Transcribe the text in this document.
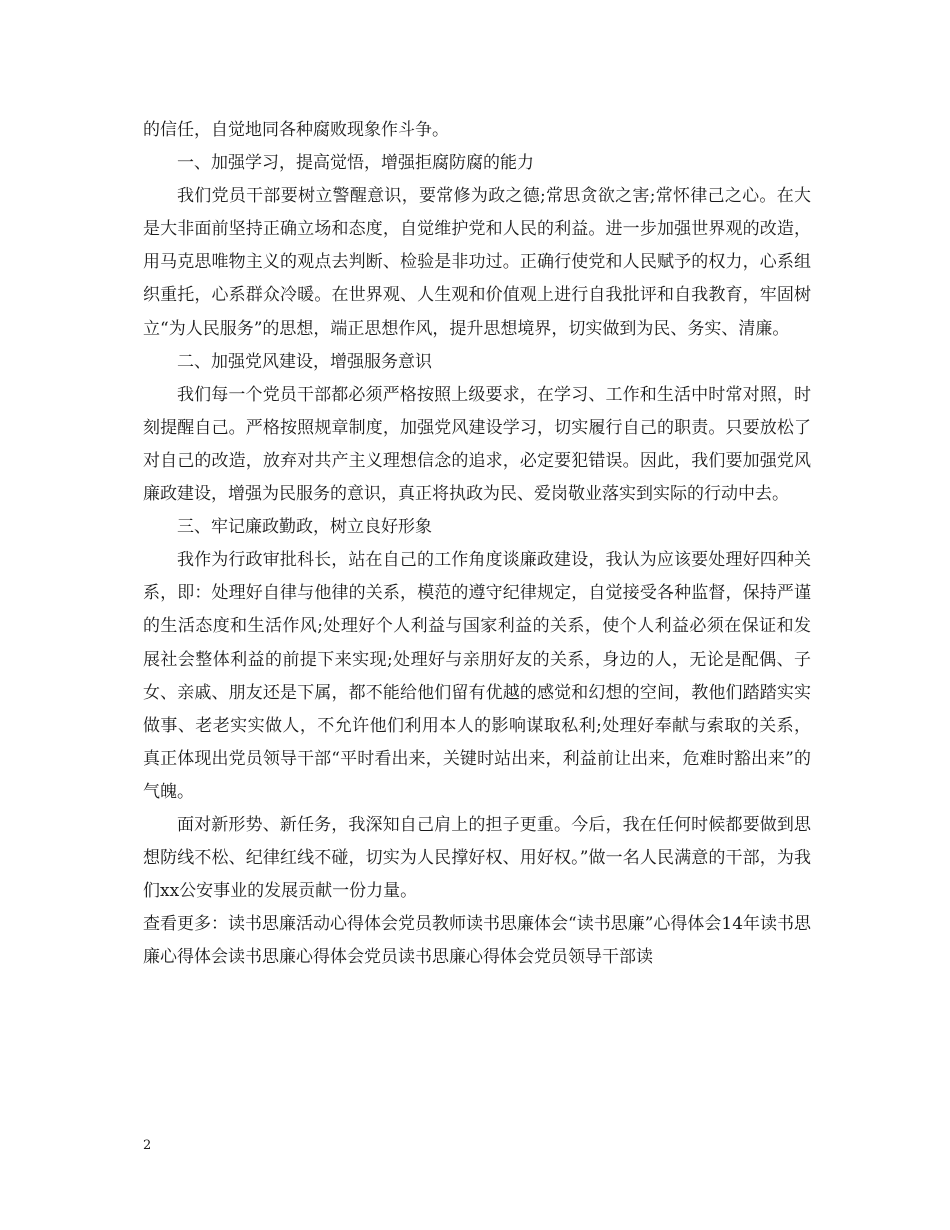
的信任，自觉地同各种腐败现象作斗争。

一、加强学习，提高觉悟，增强拒腐防腐的能力

我们党员干部要树立警醒意识，要常修为政之德;常思贪欲之害;常怀律己之心。在大是大非面前坚持正确立场和态度，自觉维护党和人民的利益。进一步加强世界观的改造，用马克思唯物主义的观点去判断、检验是非功过。正确行使党和人民赋予的权力，心系组织重托，心系群众冷暖。在世界观、人生观和价值观上进行自我批评和自我教育，牢固树立“为人民服务”的思想，端正思想作风，提升思想境界，切实做到为民、务实、清廉。

二、加强党风建设，增强服务意识

我们每一个党员干部都必须严格按照上级要求，在学习、工作和生活中时常对照，时刻提醒自己。严格按照规章制度，加强党风建设学习，切实履行自己的职责。只要放松了对自己的改造，放弃对共产主义理想信念的追求，必定要犯错误。因此，我们要加强党风廉政建设，增强为民服务的意识，真正将执政为民、爱岗敬业落实到实际的行动中去。

三、牢记廉政勤政，树立良好形象

我作为行政审批科长，站在自己的工作角度谈廉政建设，我认为应该要处理好四种关系，即：处理好自律与他律的关系，模范的遵守纪律规定，自觉接受各种监督，保持严谨的生活态度和生活作风;处理好个人利益与国家利益的关系，使个人利益必须在保证和发展社会整体利益的前提下来实现;处理好与亲朋好友的关系，身边的人，无论是配偶、子女、亲戚、朋友还是下属，都不能给他们留有优越的感觉和幻想的空间，教他们踏踏实实做事、老老实实做人，不允许他们利用本人的影响谋取私利;处理好奉献与索取的关系，真正体现出党员领导干部“平时看出来，关键时站出来，利益前让出来，危难时豁出来”的气魄。

面对新形势、新任务，我深知自己肩上的担子更重。今后，我在任何时候都要做到思想防线不松、纪律红线不碰，切实为人民撑好权、用好权。”做一名人民满意的干部，为我们xx公安事业的发展贡献一份力量。

查看更多：读书思廉活动心得体会党员教师读书思廉体会“读书思廉”心得体会14年读书思廉心得体会读书思廉心得体会党员读书思廉心得体会党员领导干部读

2
